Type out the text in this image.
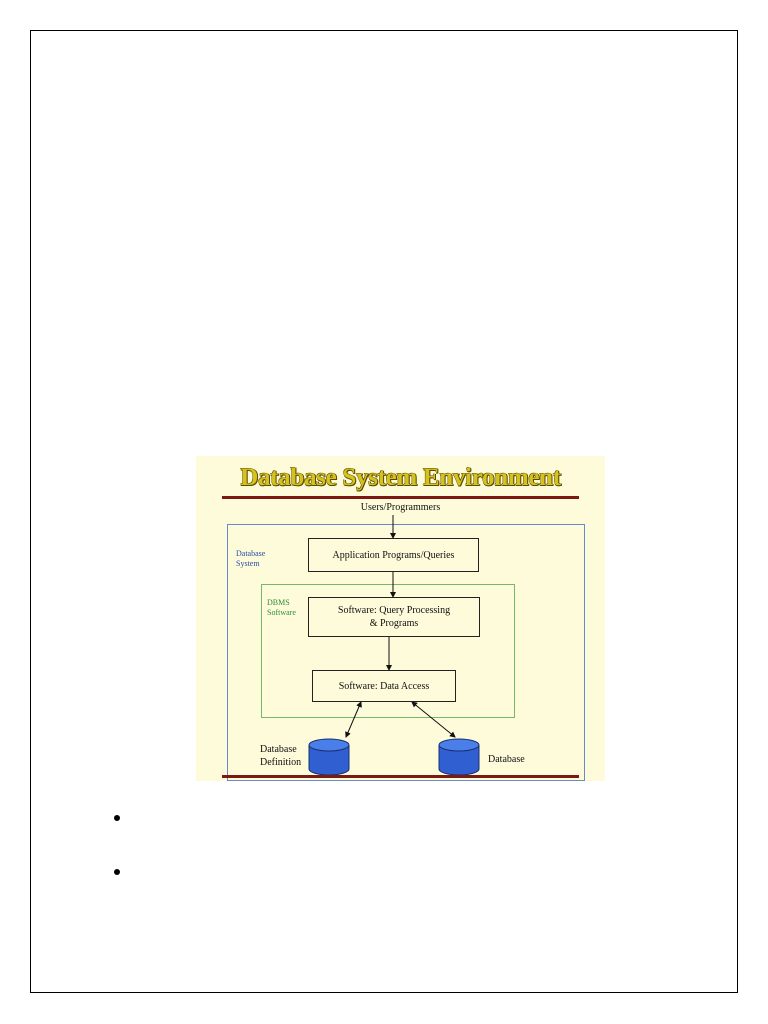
Database System Environment
Users/Programmers
Database
System
DBMS
Software
Application Programs/Queries
Software: Query Processing
& Programs
Software: Data Access
Database
Definition	Database
